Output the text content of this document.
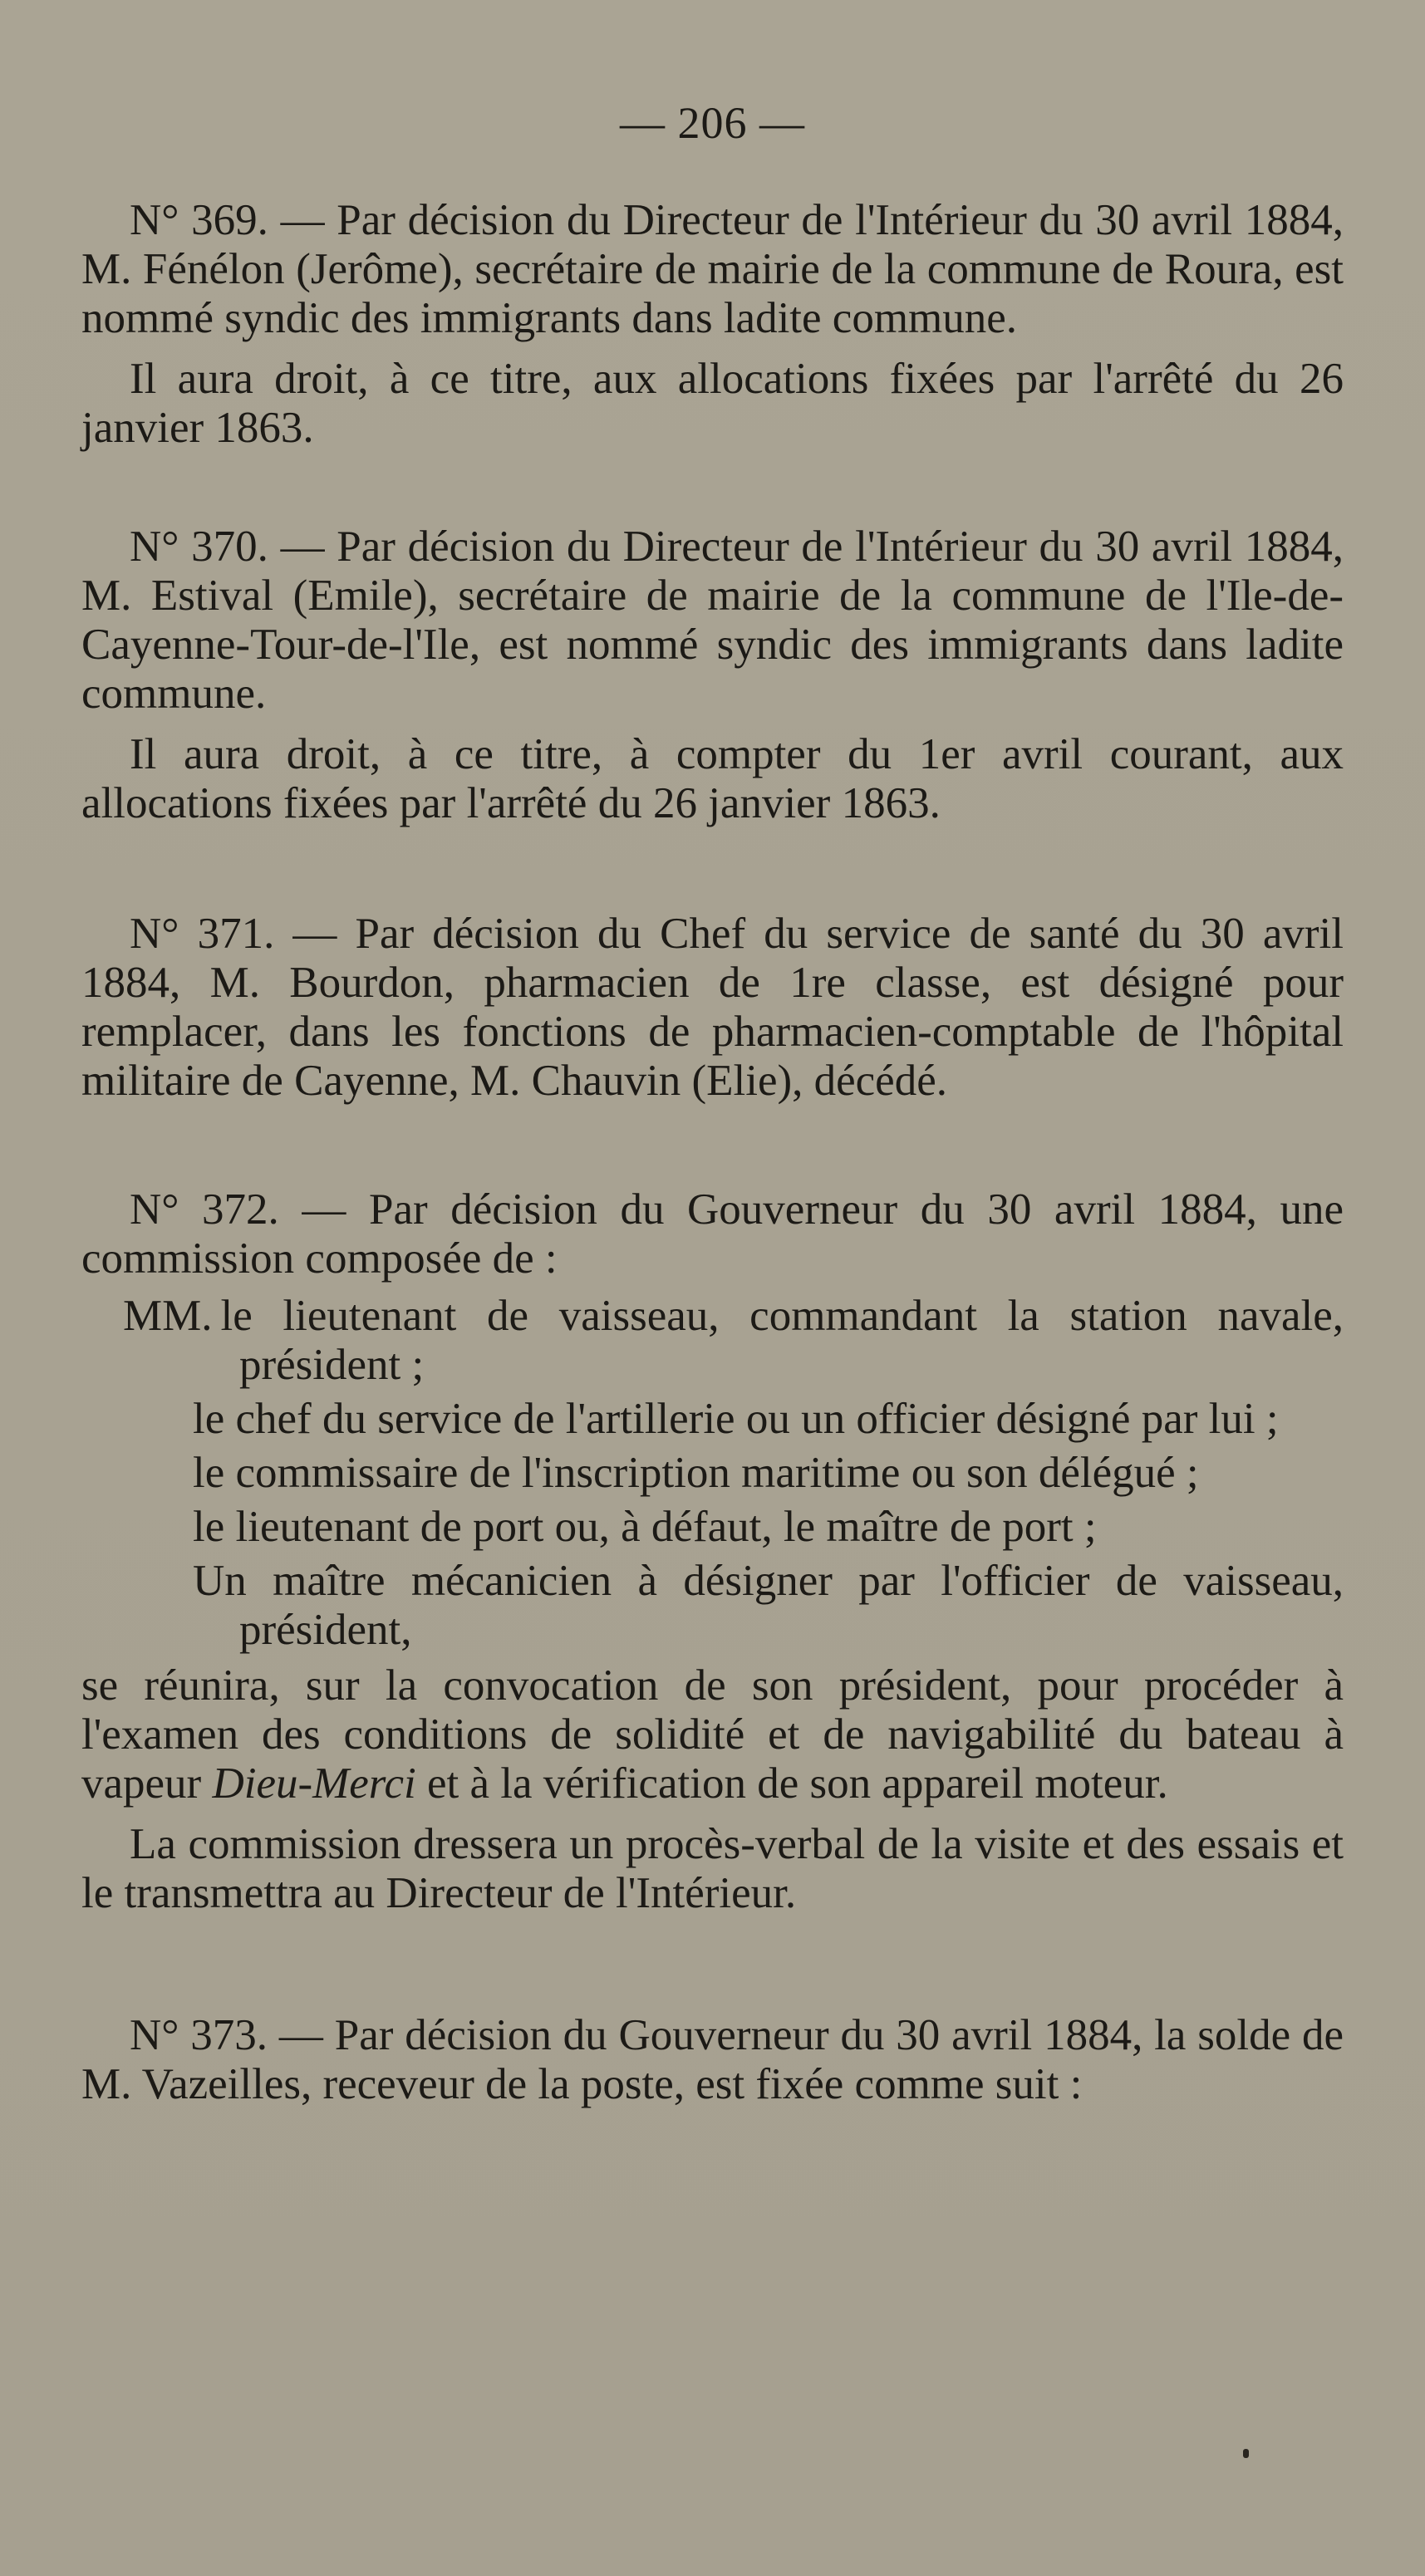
— 206 —

N° 369. — Par décision du Directeur de l'Intérieur du 30 avril 1884, M. Fénélon (Jerôme), secrétaire de mairie de la commune de Roura, est nommé syndic des immigrants dans ladite commune.

Il aura droit, à ce titre, aux allocations fixées par l'arrêté du 26 janvier 1863.

N° 370. — Par décision du Directeur de l'Intérieur du 30 avril 1884, M. Estival (Emile), secrétaire de mairie de la commune de l'Ile-de-Cayenne-Tour-de-l'Ile, est nommé syndic des immigrants dans ladite commune.

Il aura droit, à ce titre, à compter du 1er avril courant, aux allocations fixées par l'arrêté du 26 janvier 1863.

N° 371. — Par décision du Chef du service de santé du 30 avril 1884, M. Bourdon, pharmacien de 1re classe, est désigné pour remplacer, dans les fonctions de pharmacien-comptable de l'hôpital militaire de Cayenne, M. Chauvin (Elie), décédé.

N° 372. — Par décision du Gouverneur du 30 avril 1884, une commission composée de :

MM. le lieutenant de vaisseau, commandant la station navale, président ;
le chef du service de l'artillerie ou un officier désigné par lui ;
le commissaire de l'inscription maritime ou son délégué ;
le lieutenant de port ou, à défaut, le maître de port ;
Un maître mécanicien à désigner par l'officier de vaisseau, président,

se réunira, sur la convocation de son président, pour procéder à l'examen des conditions de solidité et de navigabilité du bateau à vapeur Dieu-Merci et à la vérification de son appareil moteur.

La commission dressera un procès-verbal de la visite et des essais et le transmettra au Directeur de l'Intérieur.

N° 373. — Par décision du Gouverneur du 30 avril 1884, la solde de M. Vazeilles, receveur de la poste, est fixée comme suit :
